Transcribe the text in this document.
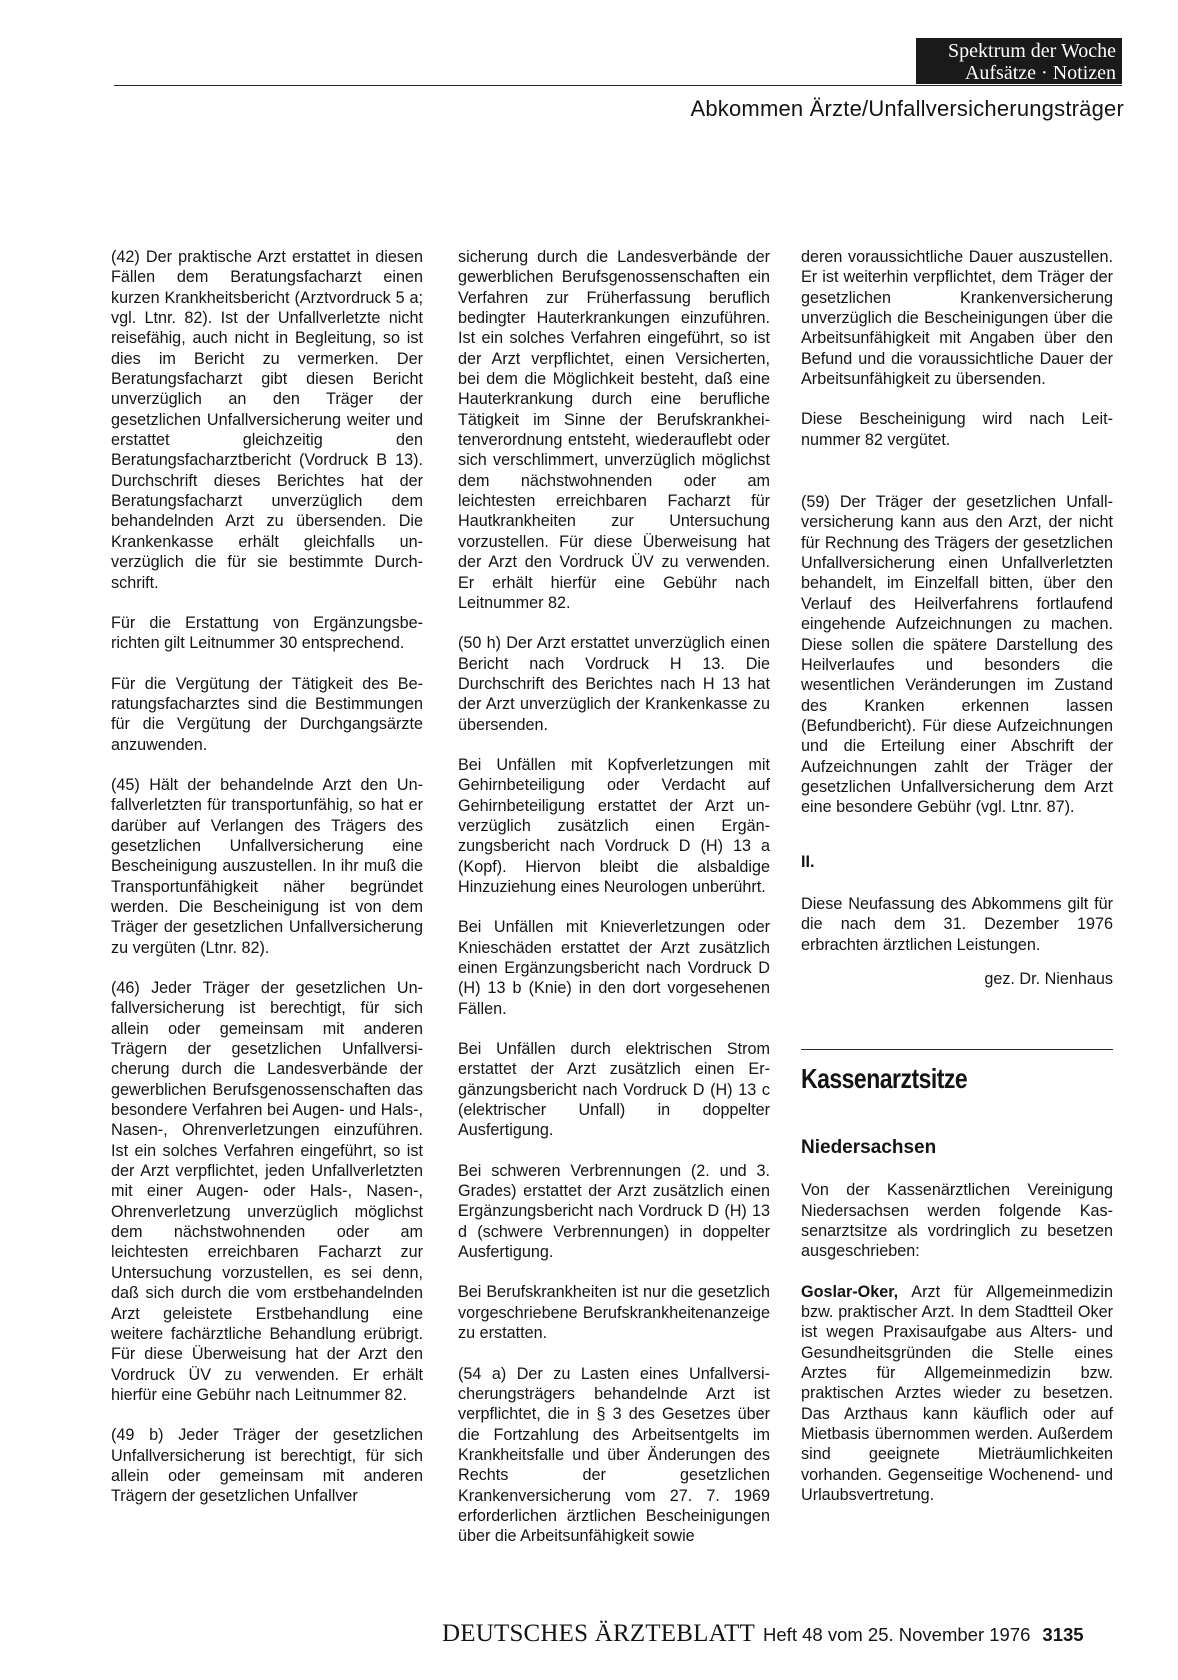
Spektrum der Woche
Aufsätze · Notizen
Abkommen Ärzte/Unfallversicherungsträger

(42) Der praktische Arzt erstattet in diesen Fällen dem Beratungsfacharzt einen kurzen Krankheitsbericht (Arztvordruck 5 a; vgl. Ltnr. 82). Ist der Unfallverletzte nicht reisefähig, auch nicht in Begleitung, so ist dies im Bericht zu vermerken. Der Beratungsfacharzt gibt diesen Bericht unverzüglich an den Träger der gesetzlichen Unfallversicherung weiter und erstattet gleichzeitig den Beratungsfacharztbericht (Vordruck B 13). Durchschrift dieses Berichtes hat der Beratungsfacharzt unverzüglich dem behandelnden Arzt zu übersenden. Die Krankenkasse erhält gleichfalls unverzüglich die für sie bestimmte Durchschrift.

Für die Erstattung von Ergänzungsberichten gilt Leitnummer 30 entsprechend.

Für die Vergütung der Tätigkeit des Beratungsfacharztes sind die Bestimmungen für die Vergütung der Durchgangsärzte anzuwenden.

(45) Hält der behandelnde Arzt den Unfallverletzten für transportunfähig, so hat er darüber auf Verlangen des Trägers des gesetzlichen Unfallversicherung eine Bescheinigung auszustellen. In ihr muß die Transportunfähigkeit näher begründet werden. Die Bescheinigung ist von dem Träger der gesetzlichen Unfallversicherung zu vergüten (Ltnr. 82).

(46) Jeder Träger der gesetzlichen Unfallversicherung ist berechtigt, für sich allein oder gemeinsam mit anderen Trägern der gesetzlichen Unfallversicherung durch die Landesverbände der gewerblichen Berufsgenossenschaften das besondere Verfahren bei Augen- und Hals-, Nasen-, Ohrenverletzungen einzuführen. Ist ein solches Verfahren eingeführt, so ist der Arzt verpflichtet, jeden Unfallverletzten mit einer Augen- oder Hals-, Nasen-, Ohrenverletzung unverzüglich möglichst dem nächstwohnenden oder am leichtesten erreichbaren Facharzt zur Untersuchung vorzustellen, es sei denn, daß sich durch die vom erstbehandelnden Arzt geleistete Erstbehandlung eine weitere fachärztliche Behandlung erübrigt. Für diese Überweisung hat der Arzt den Vordruck ÜV zu verwenden. Er erhält hierfür eine Gebühr nach Leitnummer 82.

(49 b) Jeder Träger der gesetzlichen Unfallversicherung ist berechtigt, für sich allein oder gemeinsam mit anderen Trägern der gesetzlichen Unfallver

sicherung durch die Landesverbände der gewerblichen Berufsgenossenschaften ein Verfahren zur Früherfassung beruflich bedingter Hauterkrankungen einzuführen. Ist ein solches Verfahren eingeführt, so ist der Arzt verpflichtet, einen Versicherten, bei dem die Möglichkeit besteht, daß eine Hauterkrankung durch eine berufliche Tätigkeit im Sinne der Berufskrankheitenverordnung entsteht, wiederauflebt oder sich verschlimmert, unverzüglich möglichst dem nächstwohnenden oder am leichtesten erreichbaren Facharzt für Hautkrankheiten zur Untersuchung vorzustellen. Für diese Überweisung hat der Arzt den Vordruck ÜV zu verwenden. Er erhält hierfür eine Gebühr nach Leitnummer 82.

(50 h) Der Arzt erstattet unverzüglich einen Bericht nach Vordruck H 13. Die Durchschrift des Berichtes nach H 13 hat der Arzt unverzüglich der Krankenkasse zu übersenden.

Bei Unfällen mit Kopfverletzungen mit Gehirnbeteiligung oder Verdacht auf Gehirnbeteiligung erstattet der Arzt unverzüglich zusätzlich einen Ergänzungsbericht nach Vordruck D (H) 13 a (Kopf). Hiervon bleibt die alsbaldige Hinzuziehung eines Neurologen unberührt.

Bei Unfällen mit Knieverletzungen oder Knieschäden erstattet der Arzt zusätzlich einen Ergänzungsbericht nach Vordruck D (H) 13 b (Knie) in den dort vorgesehenen Fällen.

Bei Unfällen durch elektrischen Strom erstattet der Arzt zusätzlich einen Ergänzungsbericht nach Vordruck D (H) 13 c (elektrischer Unfall) in doppelter Ausfertigung.

Bei schweren Verbrennungen (2. und 3. Grades) erstattet der Arzt zusätzlich einen Ergänzungsbericht nach Vordruck D (H) 13 d (schwere Verbrennungen) in doppelter Ausfertigung.

Bei Berufskrankheiten ist nur die gesetzlich vorgeschriebene Berufskrankheitenanzeige zu erstatten.

(54 a) Der zu Lasten eines Unfallversicherungsträgers behandelnde Arzt ist verpflichtet, die in § 3 des Gesetzes über die Fortzahlung des Arbeitsentgelts im Krankheitsfalle und über Änderungen des Rechts der gesetzlichen Krankenversicherung vom 27. 7. 1969 erforderlichen ärztlichen Bescheinigungen über die Arbeitsunfähigkeit sowie

deren voraussichtliche Dauer auszustellen. Er ist weiterhin verpflichtet, dem Träger der gesetzlichen Krankenversicherung unverzüglich die Bescheinigungen über die Arbeitsunfähigkeit mit Angaben über den Befund und die voraussichtliche Dauer der Arbeitsunfähigkeit zu übersenden.

Diese Bescheinigung wird nach Leitnummer 82 vergütet.

(59) Der Träger der gesetzlichen Unfallversicherung kann aus den Arzt, der nicht für Rechnung des Trägers der gesetzlichen Unfallversicherung einen Unfallverletzten behandelt, im Einzelfall bitten, über den Verlauf des Heilverfahrens fortlaufend eingehende Aufzeichnungen zu machen. Diese sollen die spätere Darstellung des Heilverlaufes und besonders die wesentlichen Veränderungen im Zustand des Kranken erkennen lassen (Befundbericht). Für diese Aufzeichnungen und die Erteilung einer Abschrift der Aufzeichnungen zahlt der Träger der gesetzlichen Unfallversicherung dem Arzt eine besondere Gebühr (vgl. Ltnr. 87).

II.

Diese Neufassung des Abkommens gilt für die nach dem 31. Dezember 1976 erbrachten ärztlichen Leistungen.

gez. Dr. Nienhaus

Kassenarztsitze

Niedersachsen

Von der Kassenärztlichen Vereinigung Niedersachsen werden folgende Kassenarztsitze als vordringlich zu besetzen ausgeschrieben:

Goslar-Oker, Arzt für Allgemeinmedizin bzw. praktischer Arzt. In dem Stadtteil Oker ist wegen Praxisaufgabe aus Alters- und Gesundheitsgründen die Stelle eines Arztes für Allgemeinmedizin bzw. praktischen Arztes wieder zu besetzen. Das Arzthaus kann käuflich oder auf Mietbasis übernommen werden. Außerdem sind geeignete Mieträumlichkeiten vorhanden. Gegenseitige Wochenend- und Urlaubsvertretung.

DEUTSCHES ÄRZTEBLATT Heft 48 vom 25. November 1976 3135
